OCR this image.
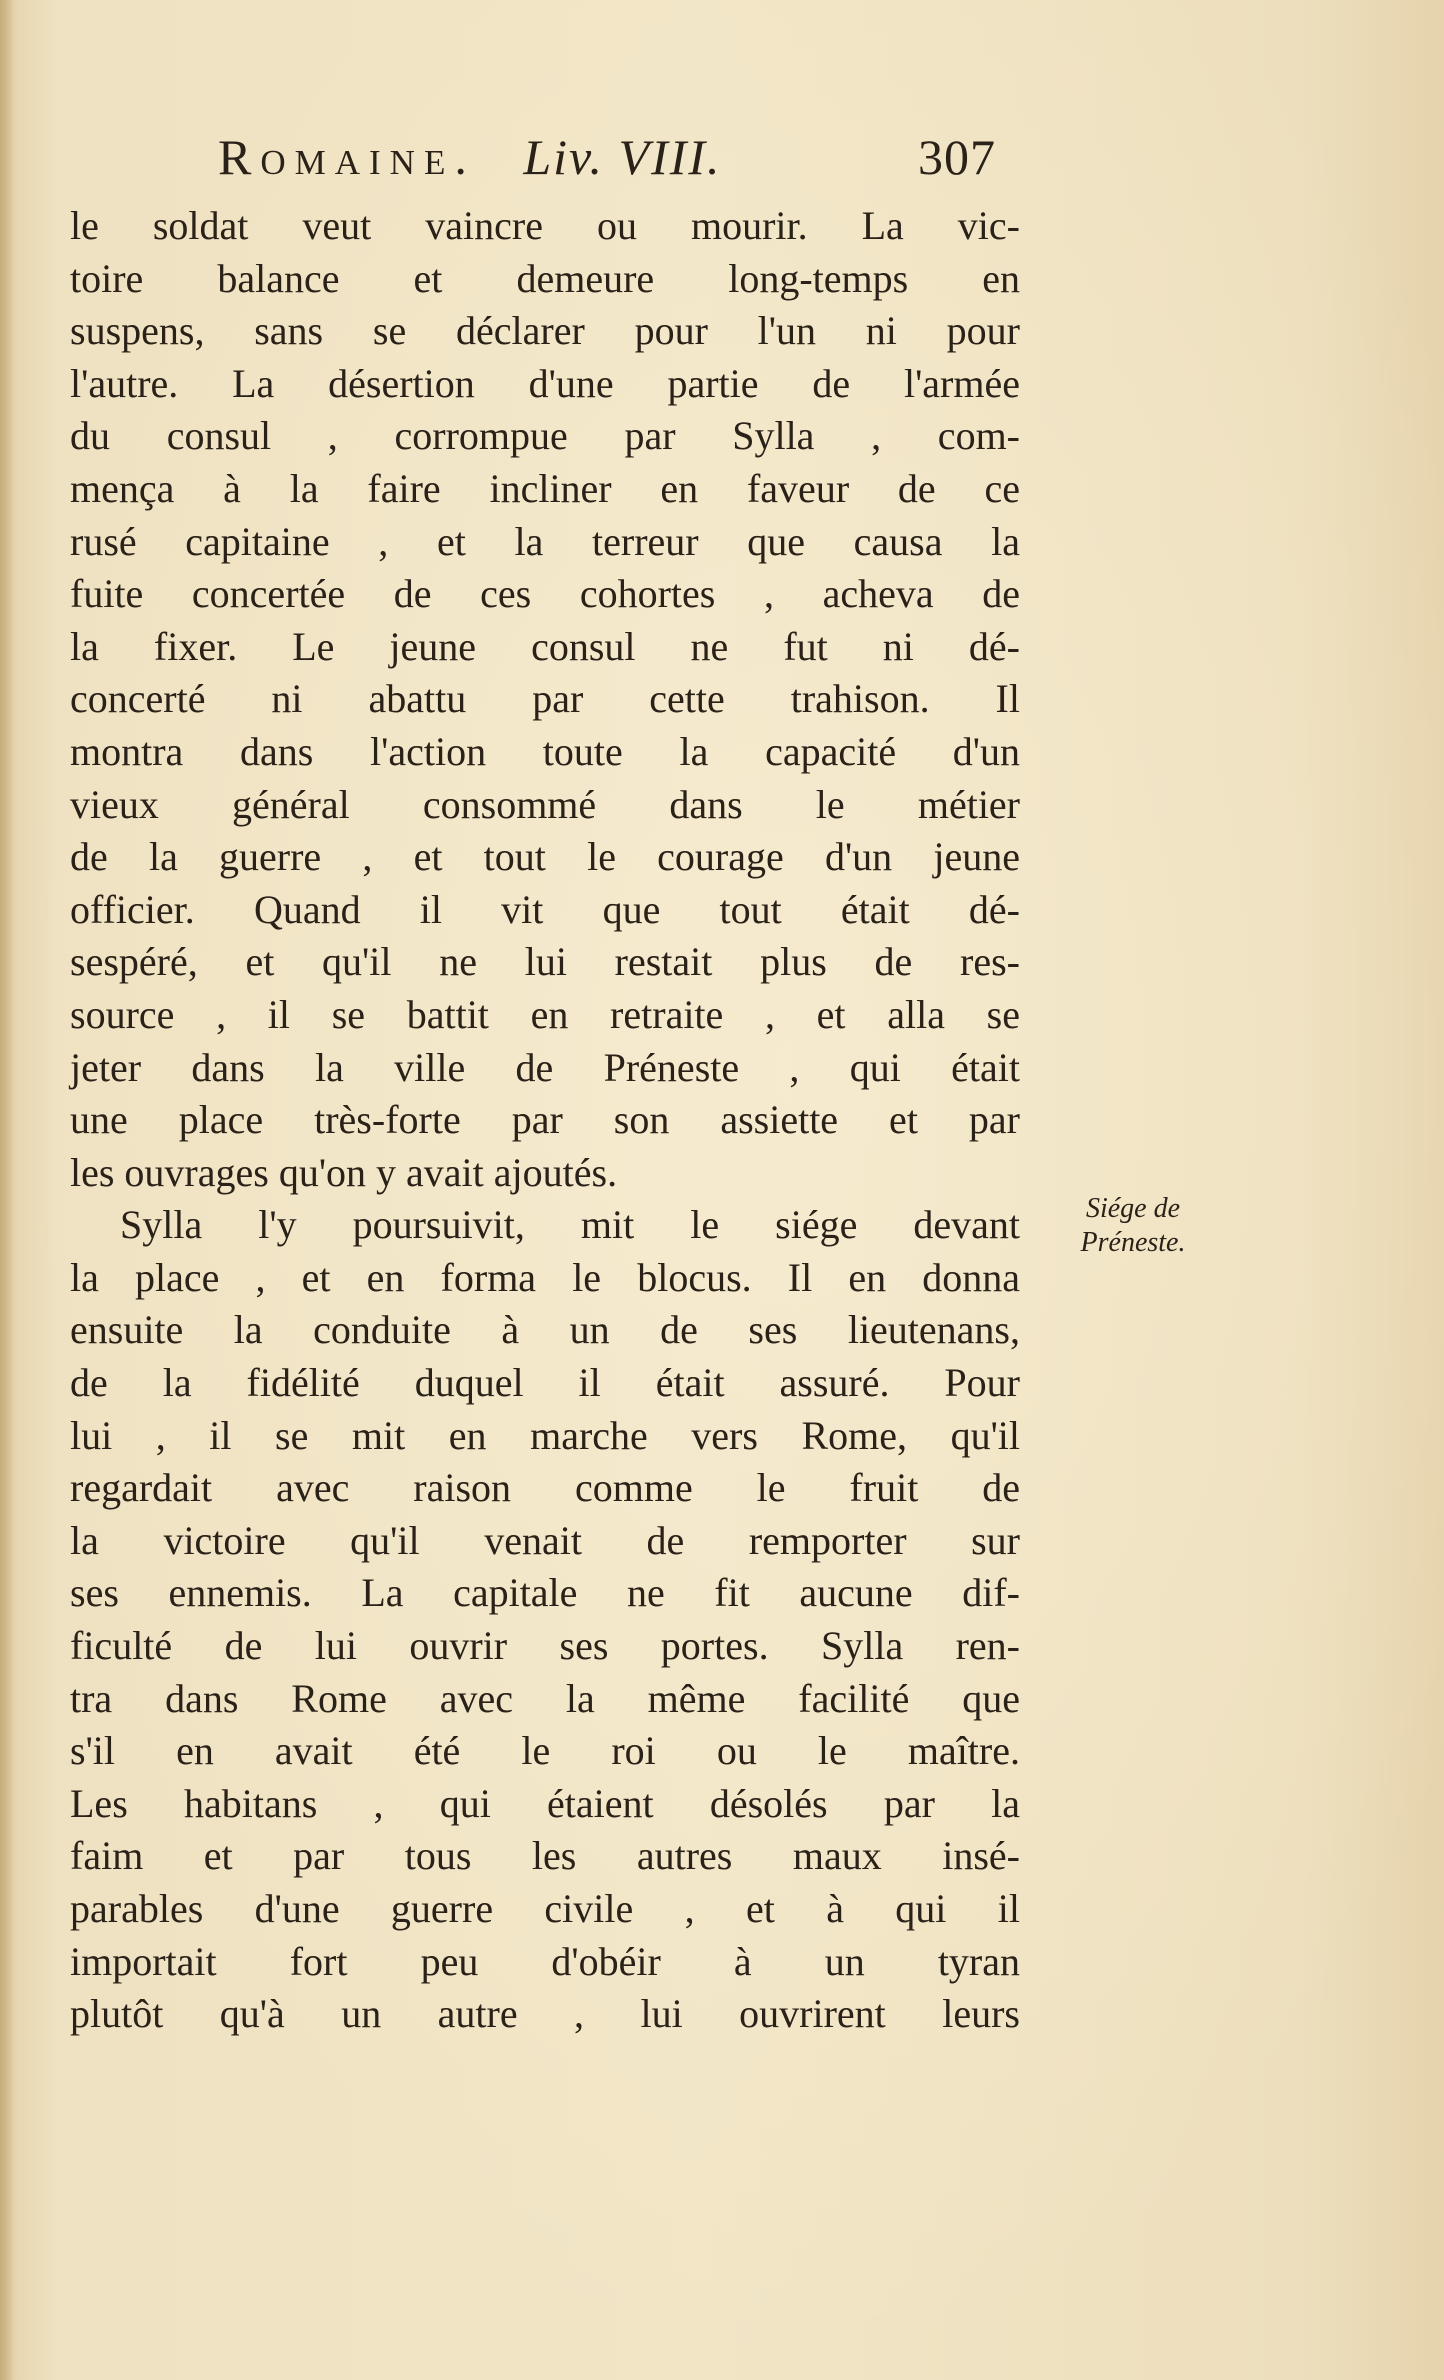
Romaine. Liv. VIII.	307
le soldat veut vaincre ou mourir. La vic-
toire balance et demeure long-temps en
suspens, sans se déclarer pour l'un ni pour
l'autre. La désertion d'une partie de l'armée
du consul , corrompue par Sylla , com-
mença à la faire incliner en faveur de ce
rusé capitaine , et la terreur que causa la
fuite concertée de ces cohortes , acheva de
la fixer. Le jeune consul ne fut ni dé-
concerté ni abattu par cette trahison. Il
montra dans l'action toute la capacité d'un
vieux général consommé dans le métier
de la guerre , et tout le courage d'un jeune
officier. Quand il vit que tout était dé-
sespéré, et qu'il ne lui restait plus de res-
source , il se battit en retraite , et alla se
jeter dans la ville de Préneste , qui était
une place très-forte par son assiette et par
les ouvrages qu'on y avait ajoutés.
Sylla l'y poursuivit, mit le siége devant
la place , et en forma le blocus. Il en donna
ensuite la conduite à un de ses lieutenans,
de la fidélité duquel il était assuré. Pour
lui , il se mit en marche vers Rome, qu'il
regardait avec raison comme le fruit de
la victoire qu'il venait de remporter sur
ses ennemis. La capitale ne fit aucune dif-
ficulté de lui ouvrir ses portes. Sylla ren-
tra dans Rome avec la même facilité que
s'il en avait été le roi ou le maître.
Les habitans , qui étaient désolés par la
faim et par tous les autres maux insé-
parables d'une guerre civile , et à qui il
importait fort peu d'obéir à un tyran
plutôt qu'à un autre , lui ouvrirent leurs
Siége de
Préneste.
